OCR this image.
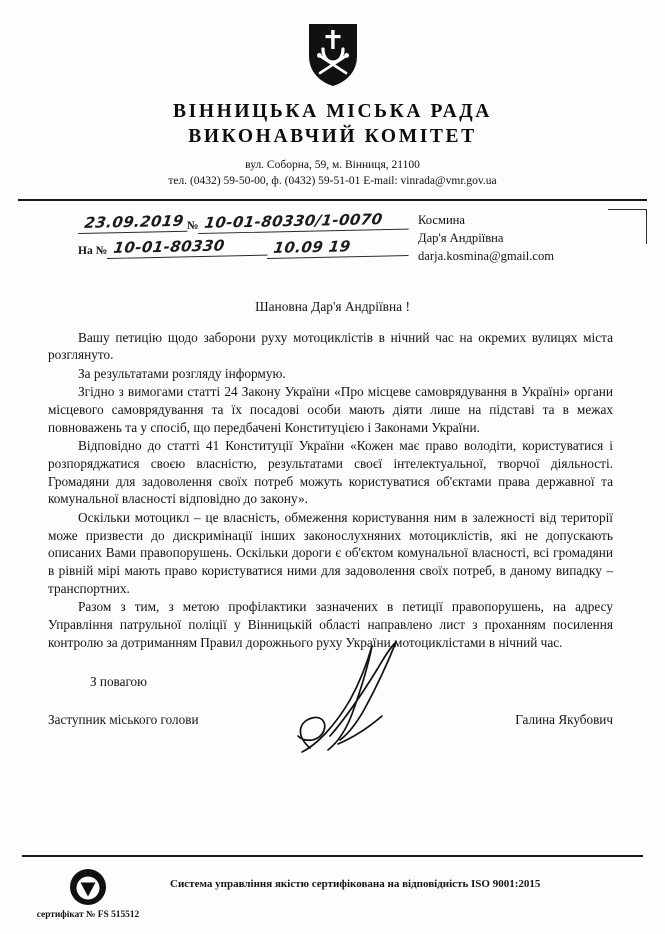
ВІННИЦЬКА МІСЬКА РАДА
ВИКОНАВЧИЙ КОМІТЕТ
вул. Соборна, 59, м. Вінниця, 21100
тел. (0432) 59-50-00, ф. (0432) 59-51-01 E-mail: vinrada@vmr.gov.ua
23.09.2019 № 10-01-80330/1-0070
На № 10-01-80330	10.09 19
Космина
Дар'я Андріївна
darja.kosmina@gmail.com
Шановна Дар'я Андріївна !

Вашу петицію щодо заборони руху мотоциклістів в нічний час на окремих вулицях міста розглянуто.

За результатами розгляду інформую.

Згідно з вимогами статті 24 Закону України «Про місцеве самоврядування в Україні» органи місцевого самоврядування та їх посадові особи мають діяти лише на підставі та в межах повноважень та у спосіб, що передбачені Конституцією і Законами України.

Відповідно до статті 41 Конституції України «Кожен має право володіти, користуватися і розпоряджатися своєю власністю, результатами своєї інтелектуальної, творчої діяльності. Громадяни для задоволення своїх потреб можуть користуватися об'єктами права державної та комунальної власності відповідно до закону».

Оскільки мотоцикл – це власність, обмеження користування ним в залежності від території може призвести до дискримінації інших законослухняних мотоциклістів, які не допускають описаних Вами правопорушень. Оскільки дороги є об'єктом комунальної власності, всі громадяни в рівній мірі мають право користуватися ними для задоволення своїх потреб, в даному випадку – транспортних.

Разом з тим, з метою профілактики зазначених в петиції правопорушень, на адресу Управління патрульної поліції у Вінницькій області направлено лист з проханням посилення контролю за дотриманням Правил дорожнього руху України мотоциклістами в нічний час.

З повагою
Заступник міського голови	Галина Якубович
сертифікат № FS 515512
Система управління якістю сертифікована на відповідність ISO 9001:2015
